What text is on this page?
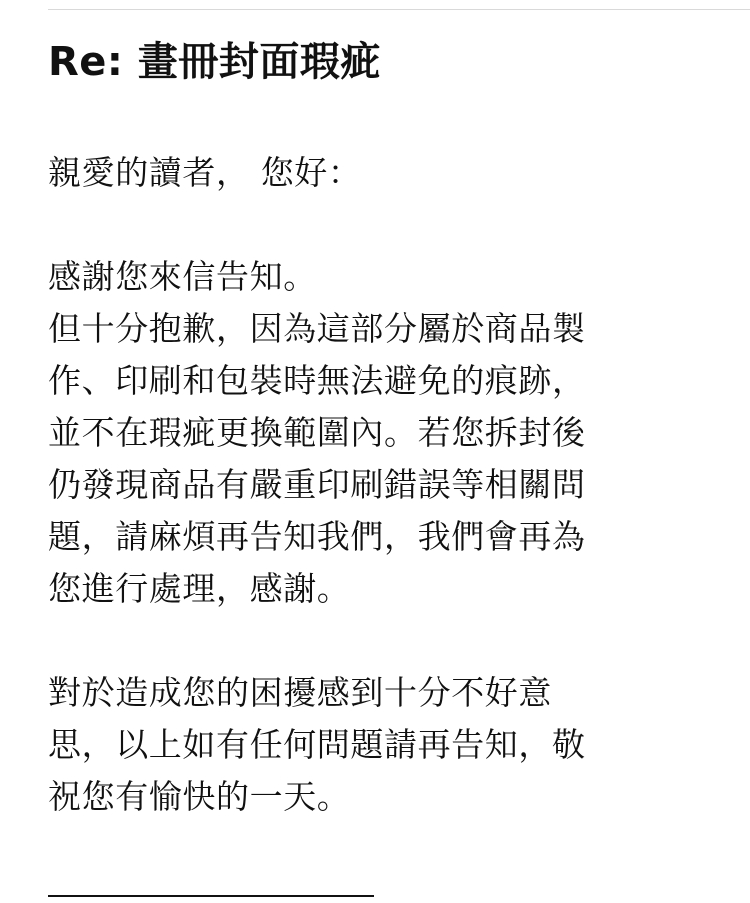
Re: 畫冊封面瑕疵
親愛的讀者， 您好：
感謝您來信告知。
但十分抱歉，因為這部分屬於商品製
作、印刷和包裝時無法避免的痕跡，
並不在瑕疵更換範圍內。若您拆封後
仍發現商品有嚴重印刷錯誤等相關問
題，請麻煩再告知我們，我們會再為
您進行處理，感謝。
對於造成您的困擾感到十分不好意
思，以上如有任何問題請再告知，敬
祝您有愉快的一天。
